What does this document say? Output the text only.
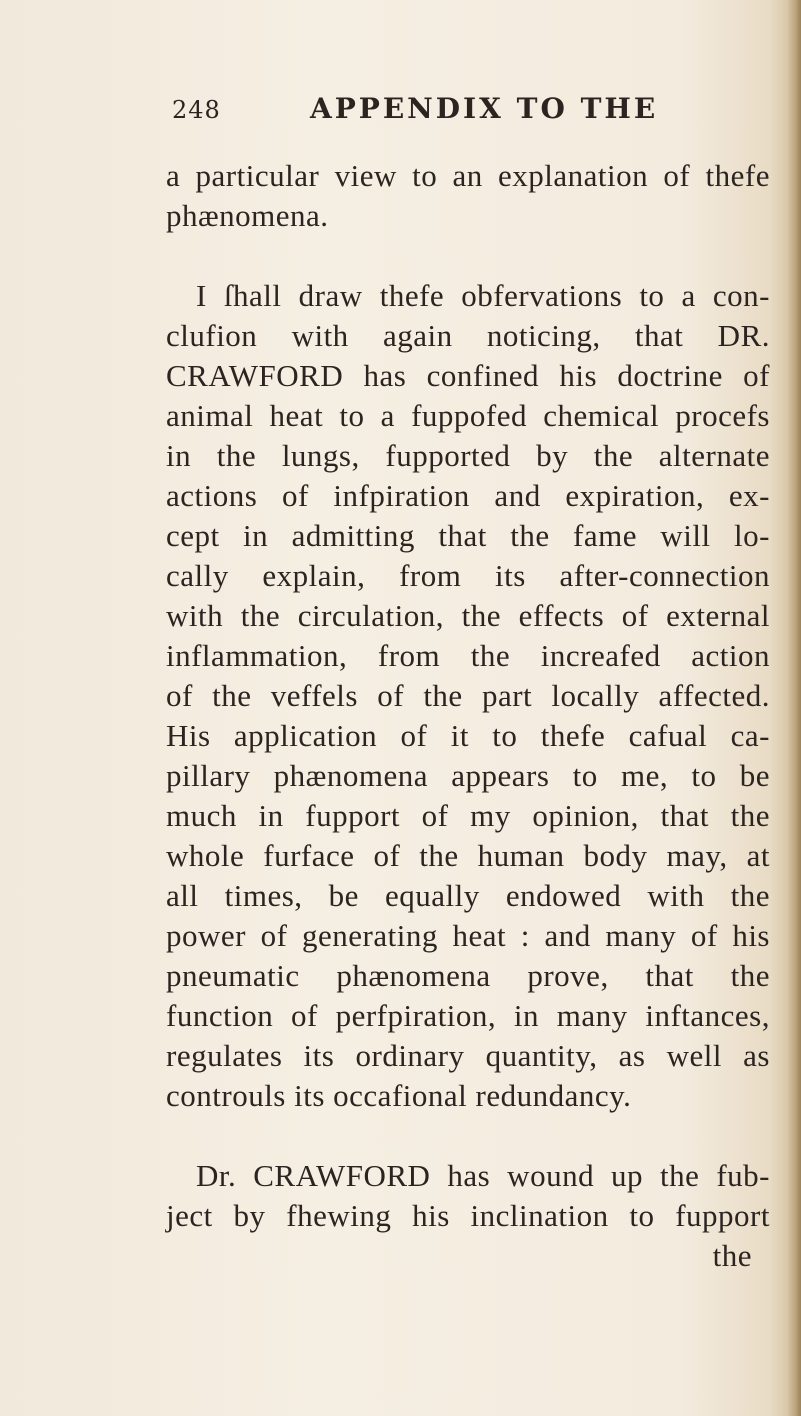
248	APPENDIX TO THE
a particular view to an explanation of thefe
phænomena.
I ſhall draw thefe obfervations to a con-
clufion with again noticing, that DR.
CRAWFORD has confined his doctrine of
animal heat to a fuppofed chemical procefs
in the lungs, fupported by the alternate
actions of infpiration and expiration, ex-
cept in admitting that the fame will lo-
cally explain, from its after-connection
with the circulation, the effects of external
inflammation, from the increafed action
of the veffels of the part locally affected.
His application of it to thefe cafual ca-
pillary phænomena appears to me, to be
much in fupport of my opinion, that the
whole furface of the human body may, at
all times, be equally endowed with the
power of generating heat : and many of his
pneumatic phænomena prove, that the
function of perfpiration, in many inftances,
regulates its ordinary quantity, as well as
controuls its occafional redundancy.
Dr. CRAWFORD has wound up the fub-
ject by fhewing his inclination to fupport
the
